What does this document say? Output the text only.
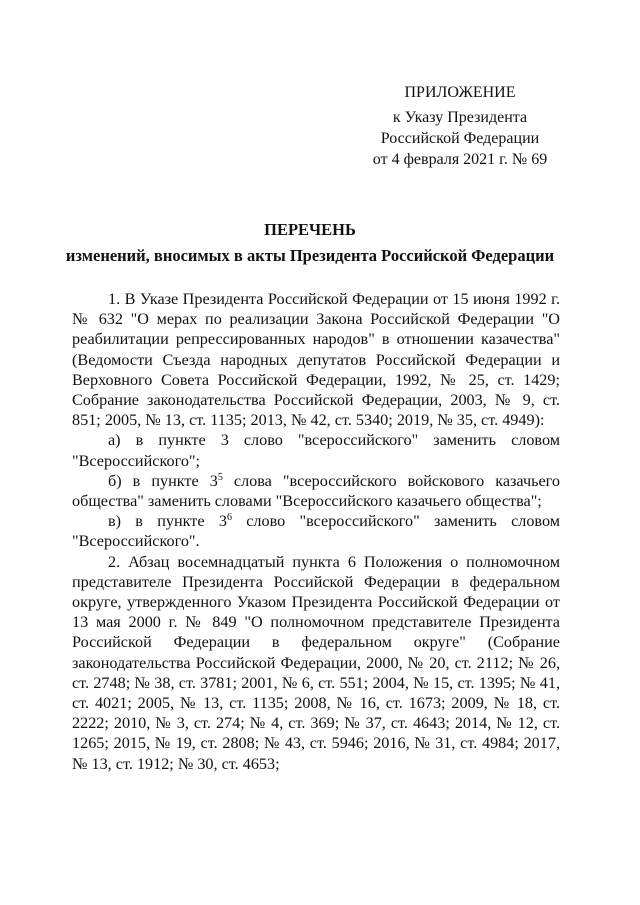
ПРИЛОЖЕНИЕ
к Указу Президента
Российской Федерации
от 4 февраля 2021 г. № 69
ПЕРЕЧЕНЬ
изменений, вносимых в акты Президента Российской Федерации

1. В Указе Президента Российской Федерации от 15 июня 1992 г. № 632 "О мерах по реализации Закона Российской Федерации "О реабилитации репрессированных народов" в отношении казачества" (Ведомости Съезда народных депутатов Российской Федерации и Верховного Совета Российской Федерации, 1992, № 25, ст. 1429; Собрание законодательства Российской Федерации, 2003, № 9, ст. 851; 2005, № 13, ст. 1135; 2013, № 42, ст. 5340; 2019, № 35, ст. 4949):

а) в пункте 3 слово "всероссийского" заменить словом "Всероссийского";

б) в пункте $3^5$ слова "всероссийского войскового казачьего общества" заменить словами "Всероссийского казачьего общества";

в) в пункте $3^6$ слово "всероссийского" заменить словом "Всероссийского".

2. Абзац восемнадцатый пункта 6 Положения о полномочном представителе Президента Российской Федерации в федеральном округе, утвержденного Указом Президента Российской Федерации от 13 мая 2000 г. № 849 "О полномочном представителе Президента Российской Федерации в федеральном округе" (Собрание законодательства Российской Федерации, 2000, № 20, ст. 2112; № 26, ст. 2748; № 38, ст. 3781; 2001, № 6, ст. 551; 2004, № 15, ст. 1395; № 41, ст. 4021; 2005, № 13, ст. 1135; 2008, № 16, ст. 1673; 2009, № 18, ст. 2222; 2010, № 3, ст. 274; № 4, ст. 369; № 37, ст. 4643; 2014, № 12, ст. 1265; 2015, № 19, ст. 2808; № 43, ст. 5946; 2016, № 31, ст. 4984; 2017, № 13, ст. 1912; № 30, ст. 4653;
